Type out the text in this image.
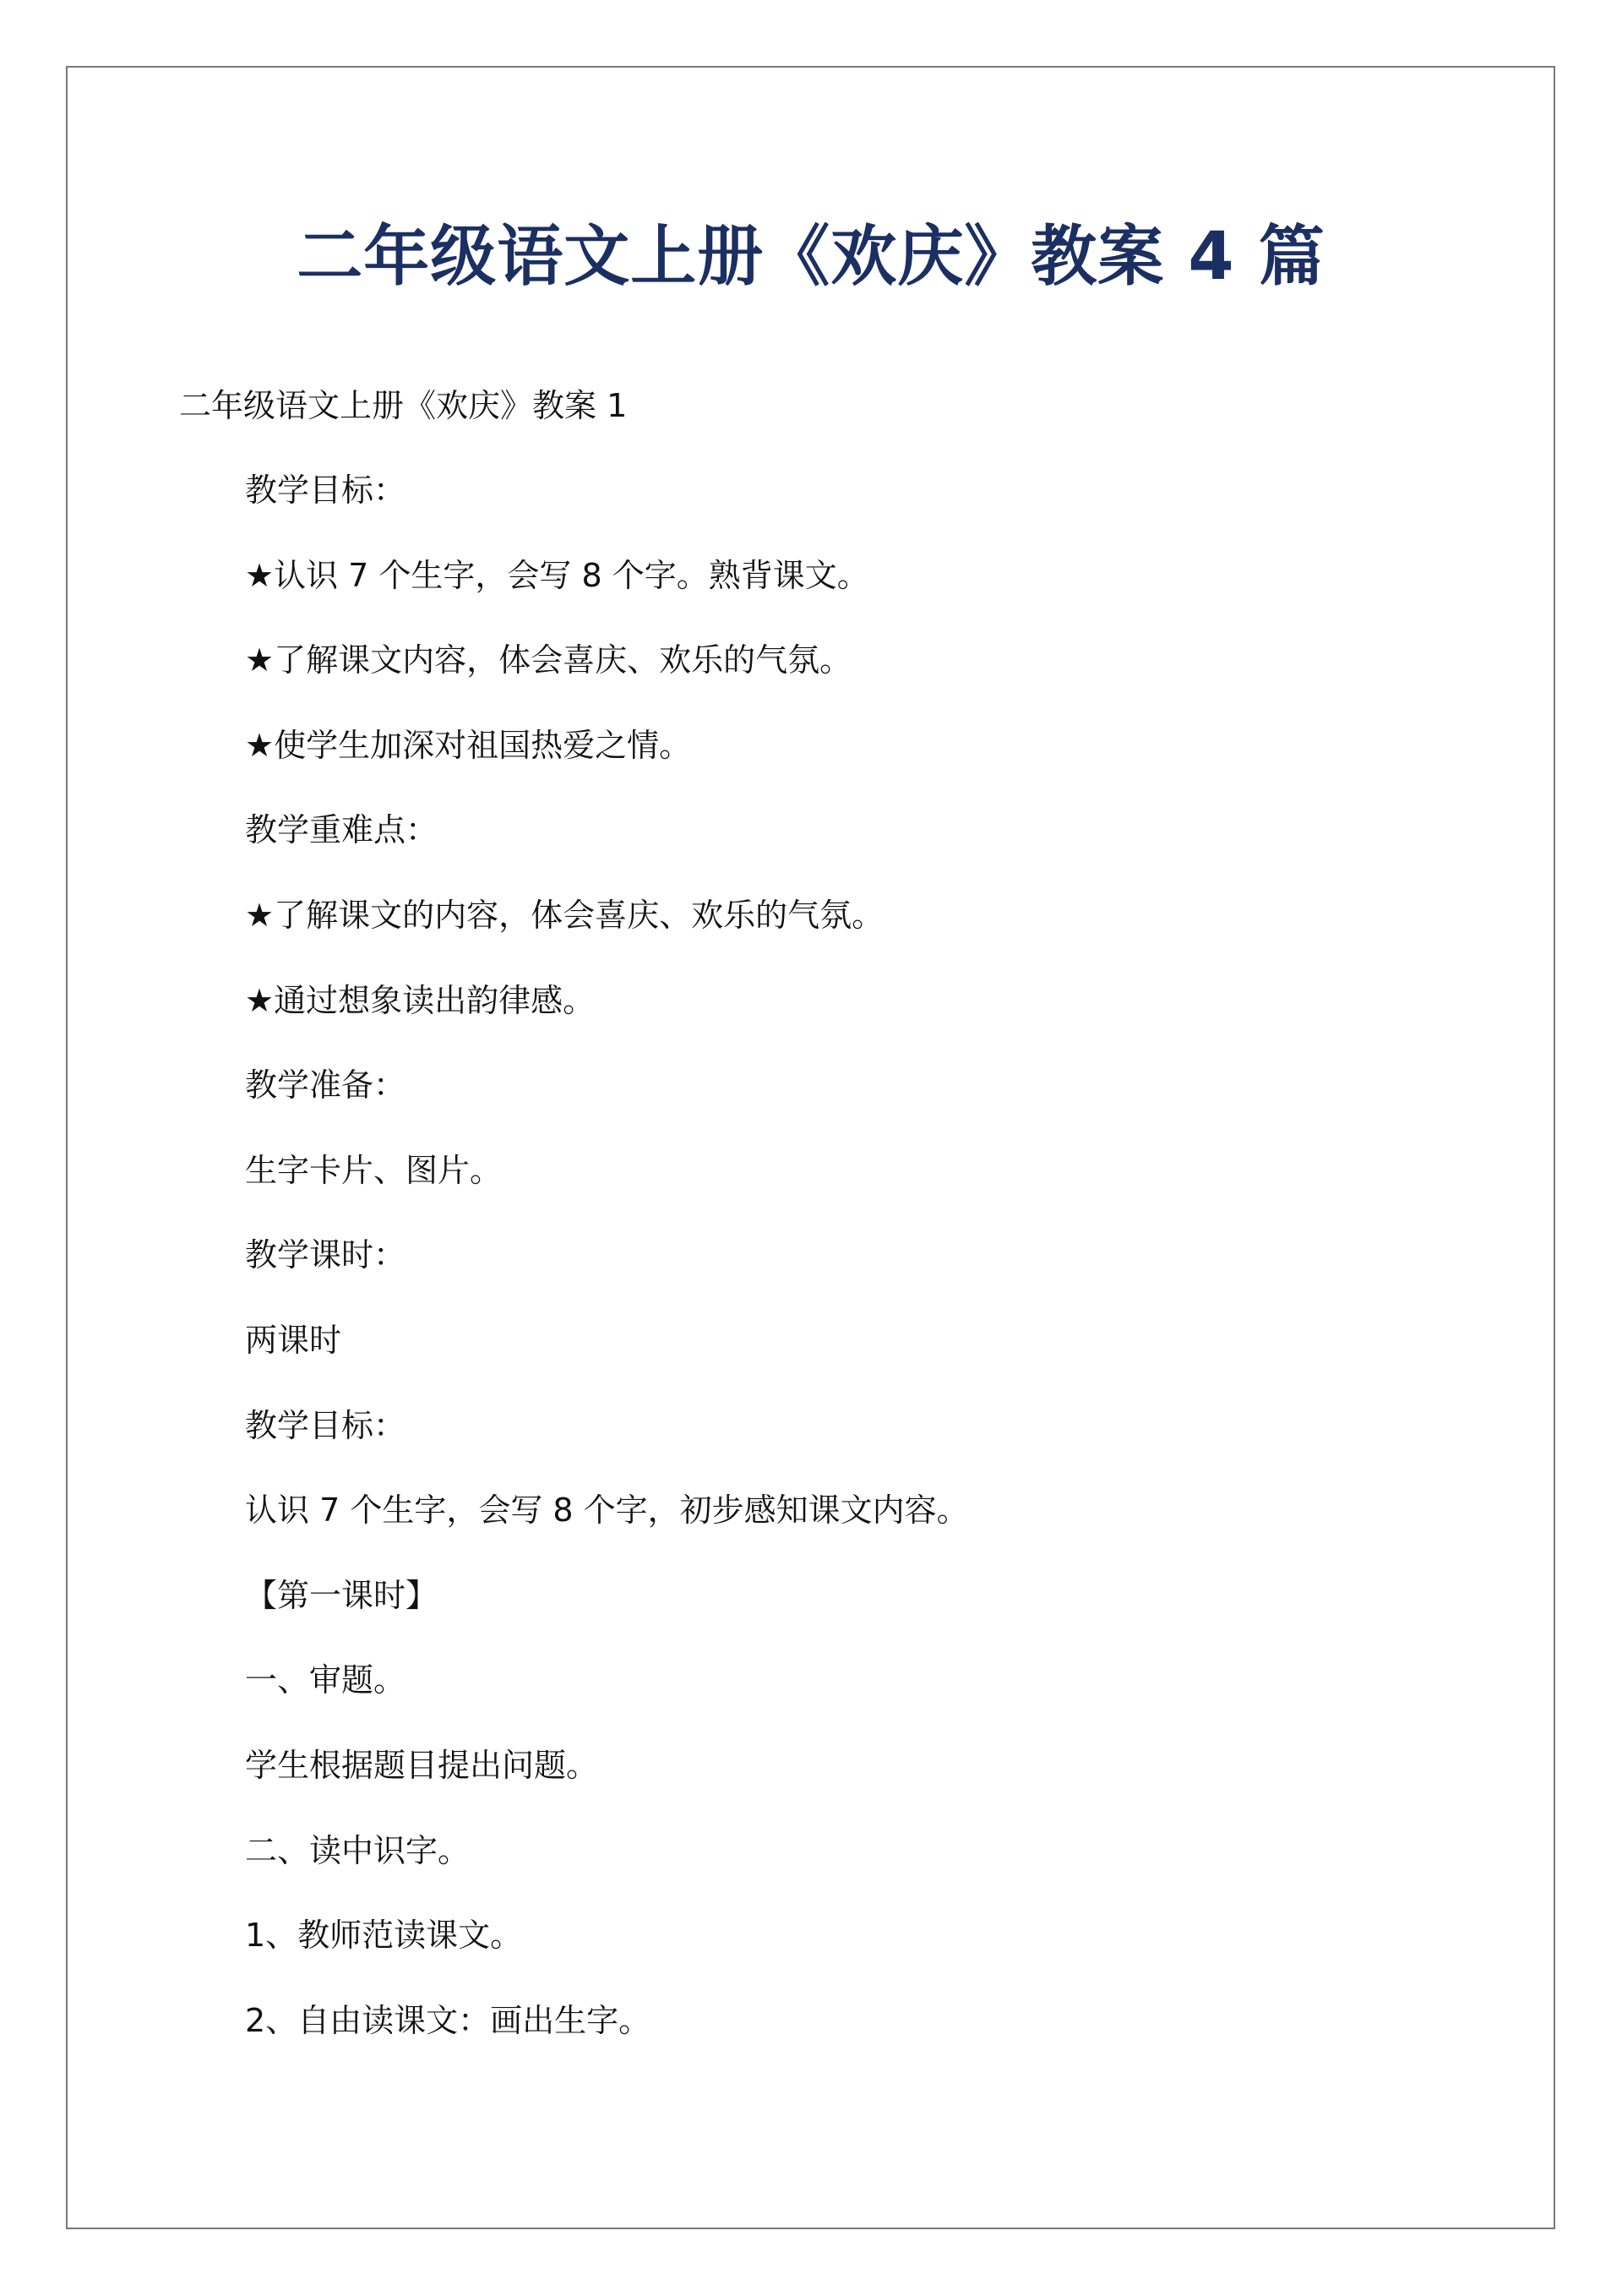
二年级语文上册《欢庆》教案 4 篇
二年级语文上册《欢庆》教案 1
教学目标：
★认识 7 个生字，会写 8 个字。熟背课文。
★了解课文内容，体会喜庆、欢乐的气氛。
★使学生加深对祖国热爱之情。
教学重难点：
★了解课文的内容，体会喜庆、欢乐的气氛。
★通过想象读出韵律感。
教学准备：
生字卡片、图片。
教学课时：
两课时
教学目标：
认识 7 个生字，会写 8 个字，初步感知课文内容。
【第一课时】
一、审题。
学生根据题目提出问题。
二、读中识字。
1、教师范读课文。
2、自由读课文：画出生字。
